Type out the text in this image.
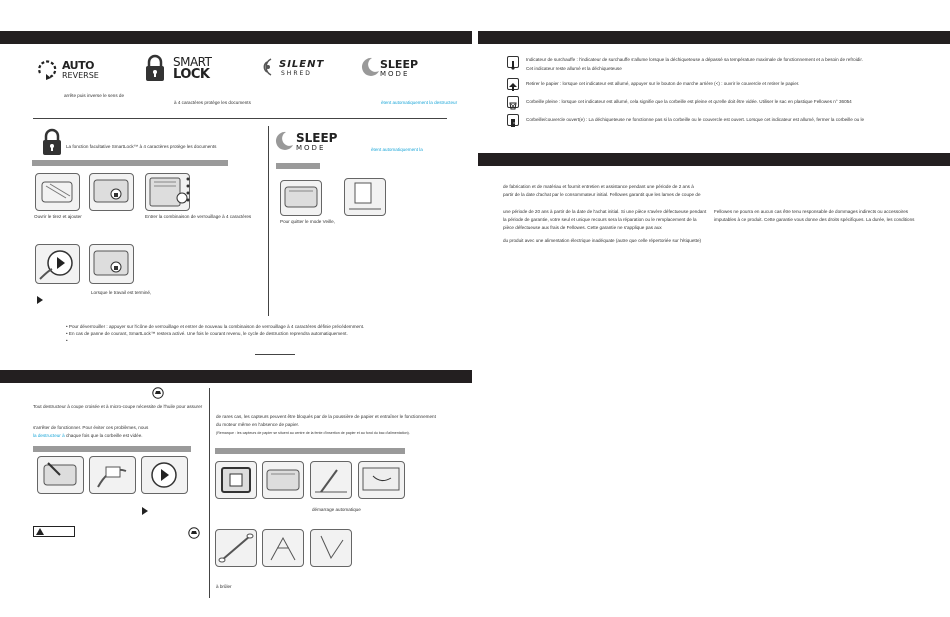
AUTO
REVERSE
SMART
LOCK
SILENT
SHRED
SLEEP
MODE
arrête puis inverse le sens de
à 4 caractères protège les documents	ètent automatiquement la destructeur
La fonction facultative SmartLock™ à 4 caractères protège les documents
Ouvrir le tirez et ajouter	Entrer la combinaison de verrouillage à 4 caractères
Lorsque le travail est terminé,
SLEEP
MODE	ètent automatiquement la
Pour quitter le mode Veille,
• Pour déverrouiller : appuyer sur l'icône de verrouillage et entrer de nouveau la combinaison de verrouillage à 4 caractères définie précédemment.
• En cas de panne de courant, SmartLock™ restera activé. Une fois le courant revenu, le cycle de destruction reprendra automatiquement.
•
Tout destructeur à coupe croisée et à micro-coupe nécessite de l'huile pour assurer
s'arrêter de fonctionner. Pour éviter ces problèmes, nous
la destructeur à chaque fois que la corbeille est vidée.
de rares cas, les capteurs peuvent être bloqués par de la poussière de papier et entraîner le fonctionnement
du moteur même en l'absence de papier.
(Remarque : les capteurs de papier se situent au centre de la fente d'insertion de papier et au fond du bac d'alimentation).
démarrage automatique
à brûler
Indicateur de surchauffe : l'indicateur de surchauffe s'allume lorsque la déchiqueteuse a dépassé sa température maximale de fonctionnement et a besoin de refroidir.
Cet indicateur reste allumé et la déchiqueteuse
Retirer le papier : lorsque cet indicateur est allumé, appuyer sur le bouton de marche arrière (<) : ouvrir le couvercle et retirer le papier.
Corbeille pleine : lorsque cet indicateur est allumé, cela signifie que la corbeille est pleine et qu'elle doit être vidée. Utiliser le sac en plastique Fellowes n° 36054
Corbeille/couvercle ouvert(e) : La déchiqueteuse ne fonctionne pas si la corbeille ou le couvercle est ouvert. Lorsque cet indicateur est allumé, fermer la corbeille ou le
de fabrication et de matériau et fournit entretien et assistance pendant une période de 2 ans à
partir de la date d'achat par le consommateur initial. Fellowes garantit que les lames de coupe de
une période de 20 ans à partir de la date de l'achat initial. Si une pièce s'avère défectueuse pendant
la période de garantie, votre seul et unique recours sera la réparation ou le remplacement de la
pièce défectueuse aux frais de Fellowes. Cette garantie ne s'applique pas aux
du produit avec une alimentation électrique inadéquate (autre que celle répertoriée sur l'étiquette)
Fellowes ne pourra en aucun cas être tenu responsable de dommages indirects ou accessoires
imputables à ce produit. Cette garantie vous donne des droits spécifiques. La durée, les conditions
